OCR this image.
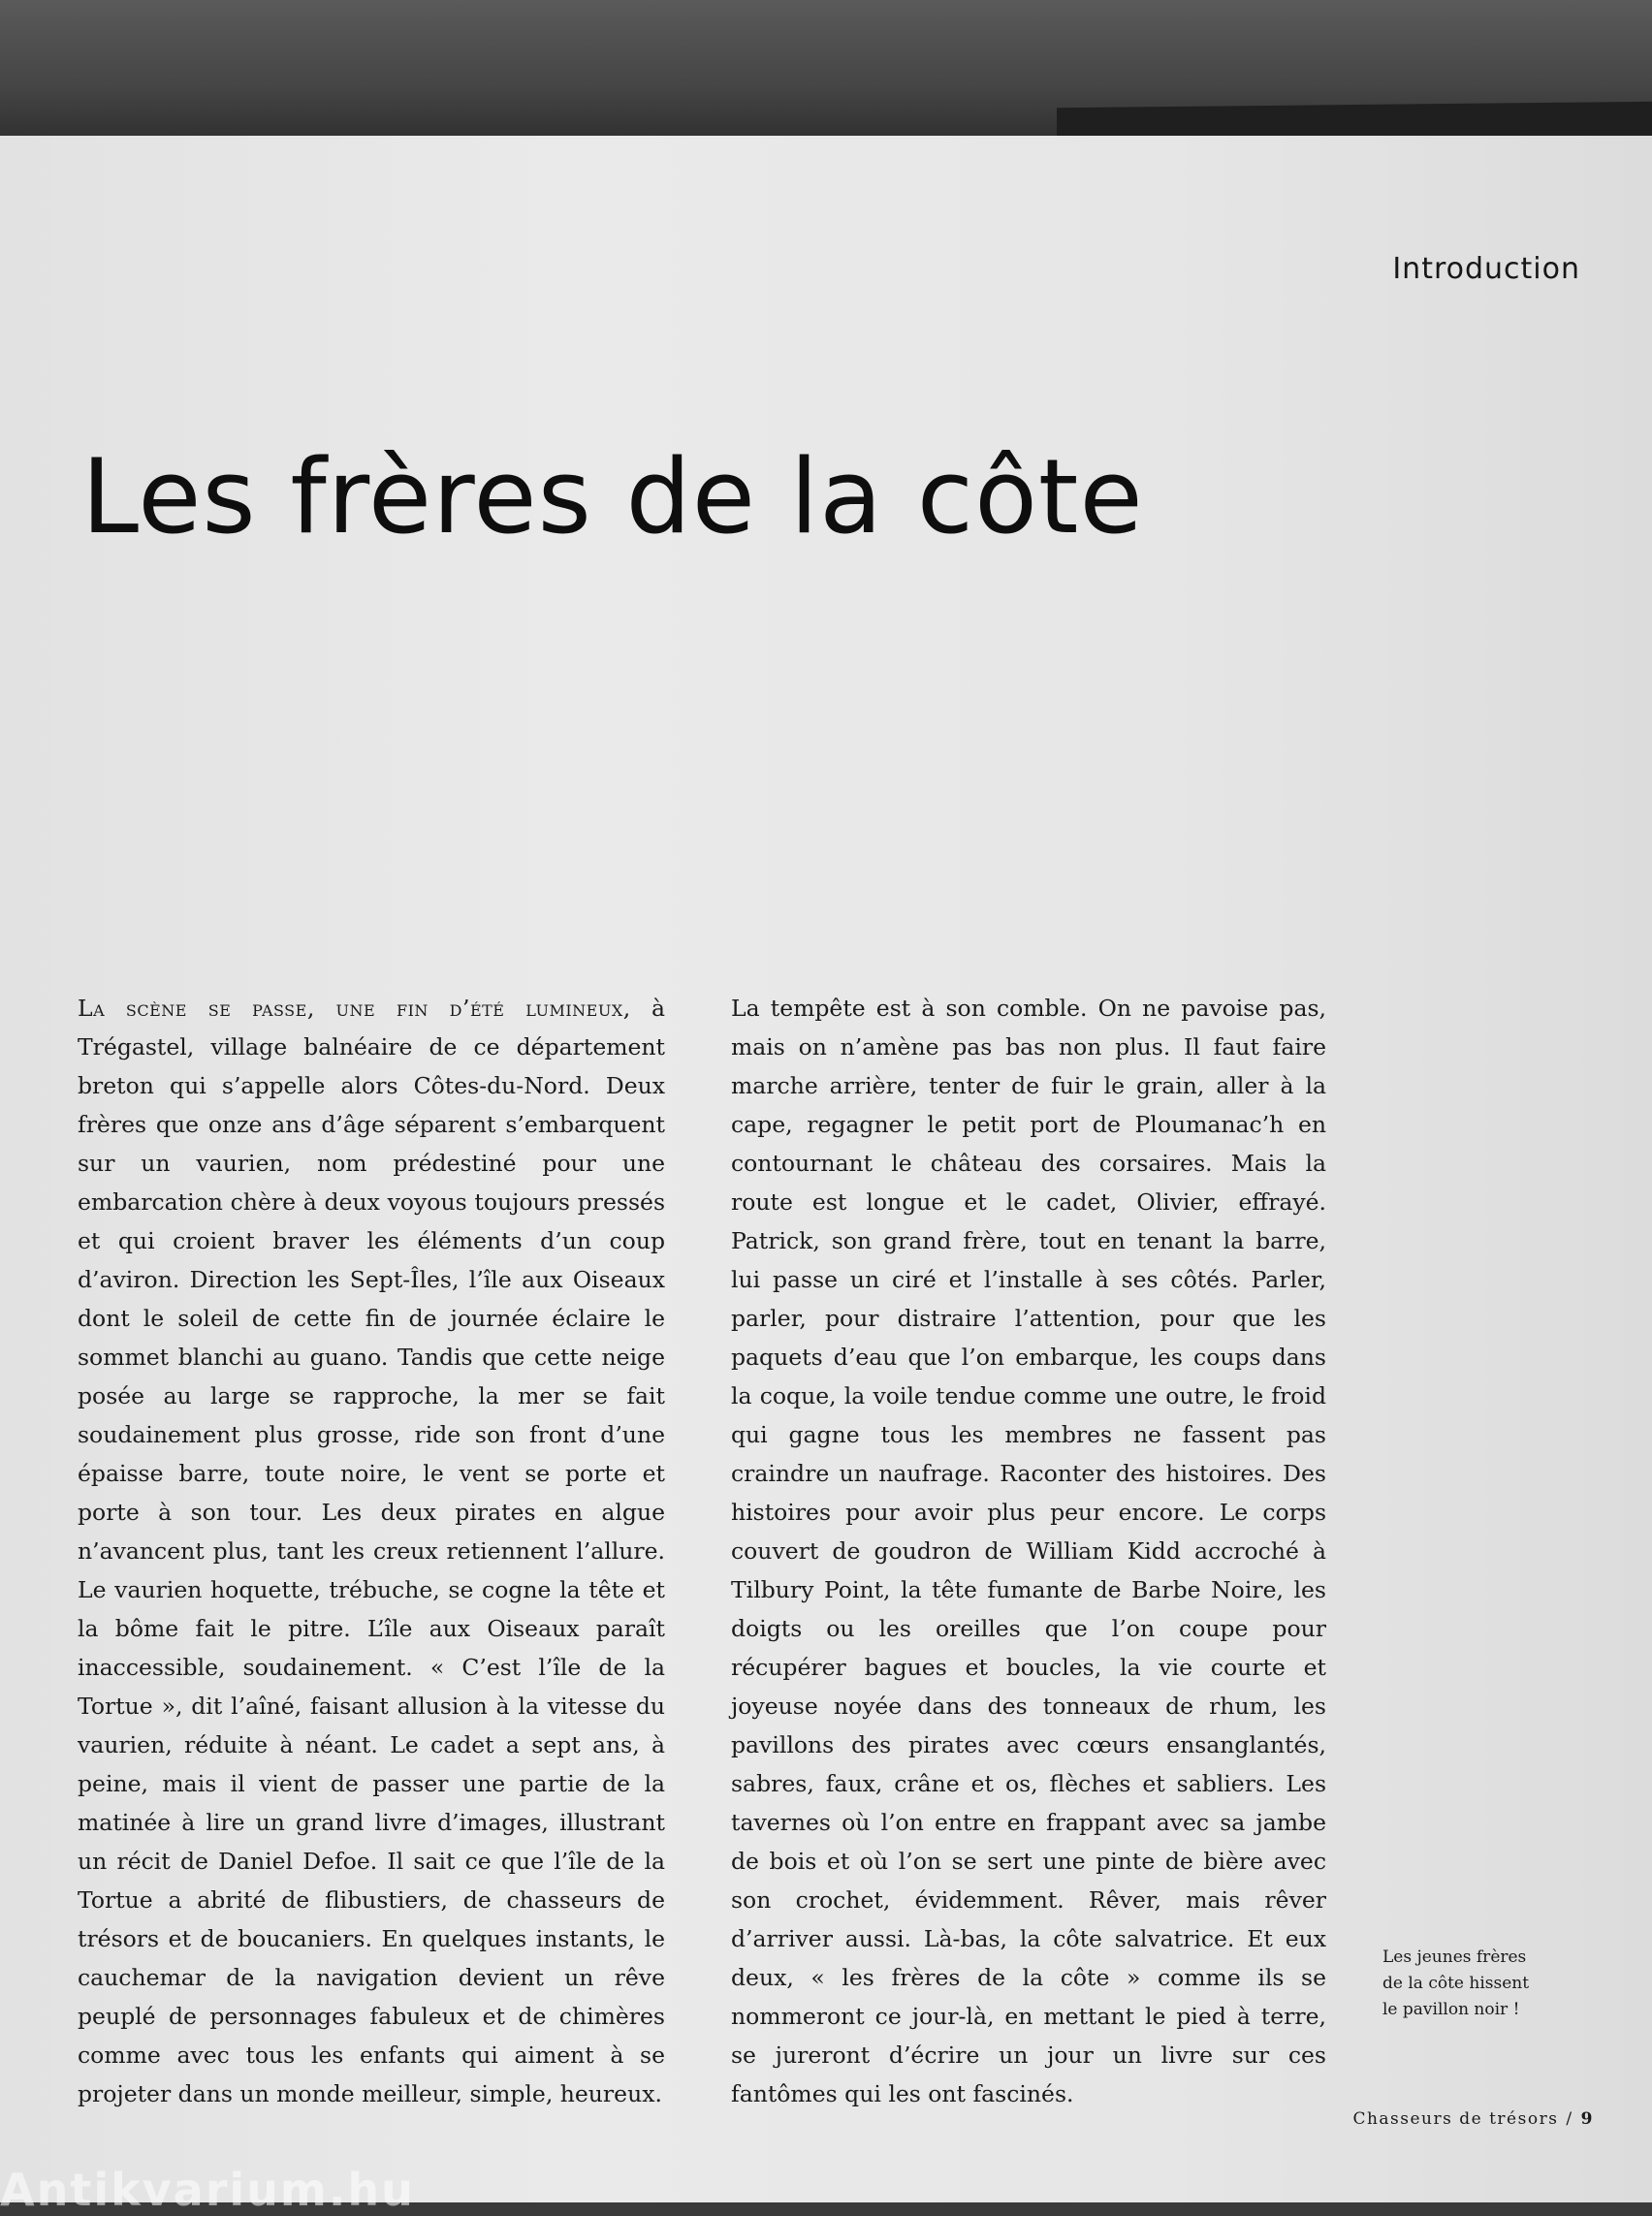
Introduction
Les frères de la côte

La scène se passe, une fin d’été lumineux, à Trégastel, village balnéaire de ce département breton qui s’appelle alors Côtes-du-Nord. Deux frères que onze ans d’âge séparent s’embarquent sur un vaurien, nom prédestiné pour une embarcation chère à deux voyous toujours pressés et qui croient braver les éléments d’un coup d’aviron. Direction les Sept-Îles, l’île aux Oiseaux dont le soleil de cette fin de journée éclaire le sommet blanchi au guano. Tandis que cette neige posée au large se rapproche, la mer se fait soudainement plus grosse, ride son front d’une épaisse barre, toute noire, le vent se porte et porte à son tour. Les deux pirates en algue n’avancent plus, tant les creux retiennent l’allure. Le vaurien hoquette, trébuche, se cogne la tête et la bôme fait le pitre. L’île aux Oiseaux paraît inaccessible, soudainement. « C’est l’île de la Tortue », dit l’aîné, faisant allusion à la vitesse du vaurien, réduite à néant. Le cadet a sept ans, à peine, mais il vient de passer une partie de la matinée à lire un grand livre d’images, illustrant un récit de Daniel Defoe. Il sait ce que l’île de la Tortue a abrité de flibustiers, de chasseurs de trésors et de boucaniers. En quelques instants, le cauchemar de la navigation devient un rêve peuplé de personnages fabuleux et de chimères comme avec tous les enfants qui aiment à se projeter dans un monde meilleur, simple, heureux.

La tempête est à son comble. On ne pavoise pas, mais on n’amène pas bas non plus. Il faut faire marche arrière, tenter de fuir le grain, aller à la cape, regagner le petit port de Ploumanac’h en contournant le château des corsaires. Mais la route est longue et le cadet, Olivier, effrayé. Patrick, son grand frère, tout en tenant la barre, lui passe un ciré et l’installe à ses côtés. Parler, parler, pour distraire l’attention, pour que les paquets d’eau que l’on embarque, les coups dans la coque, la voile tendue comme une outre, le froid qui gagne tous les membres ne fassent pas craindre un naufrage. Raconter des histoires. Des histoires pour avoir plus peur encore. Le corps couvert de goudron de William Kidd accroché à Tilbury Point, la tête fumante de Barbe Noire, les doigts ou les oreilles que l’on coupe pour récupérer bagues et boucles, la vie courte et joyeuse noyée dans des tonneaux de rhum, les pavillons des pirates avec cœurs ensanglantés, sabres, faux, crâne et os, flèches et sabliers. Les tavernes où l’on entre en frappant avec sa jambe de bois et où l’on se sert une pinte de bière avec son crochet, évidemment. Rêver, mais rêver d’arriver aussi. Là-bas, la côte salvatrice. Et eux deux, « les frères de la côte » comme ils se nommeront ce jour-là, en mettant le pied à terre, se jureront d’écrire un jour un livre sur ces fantômes qui les ont fascinés.

Les jeunes frères de la côte hissent le pavillon noir !

Chasseurs de trésors / 9
Antikvarium.hu
